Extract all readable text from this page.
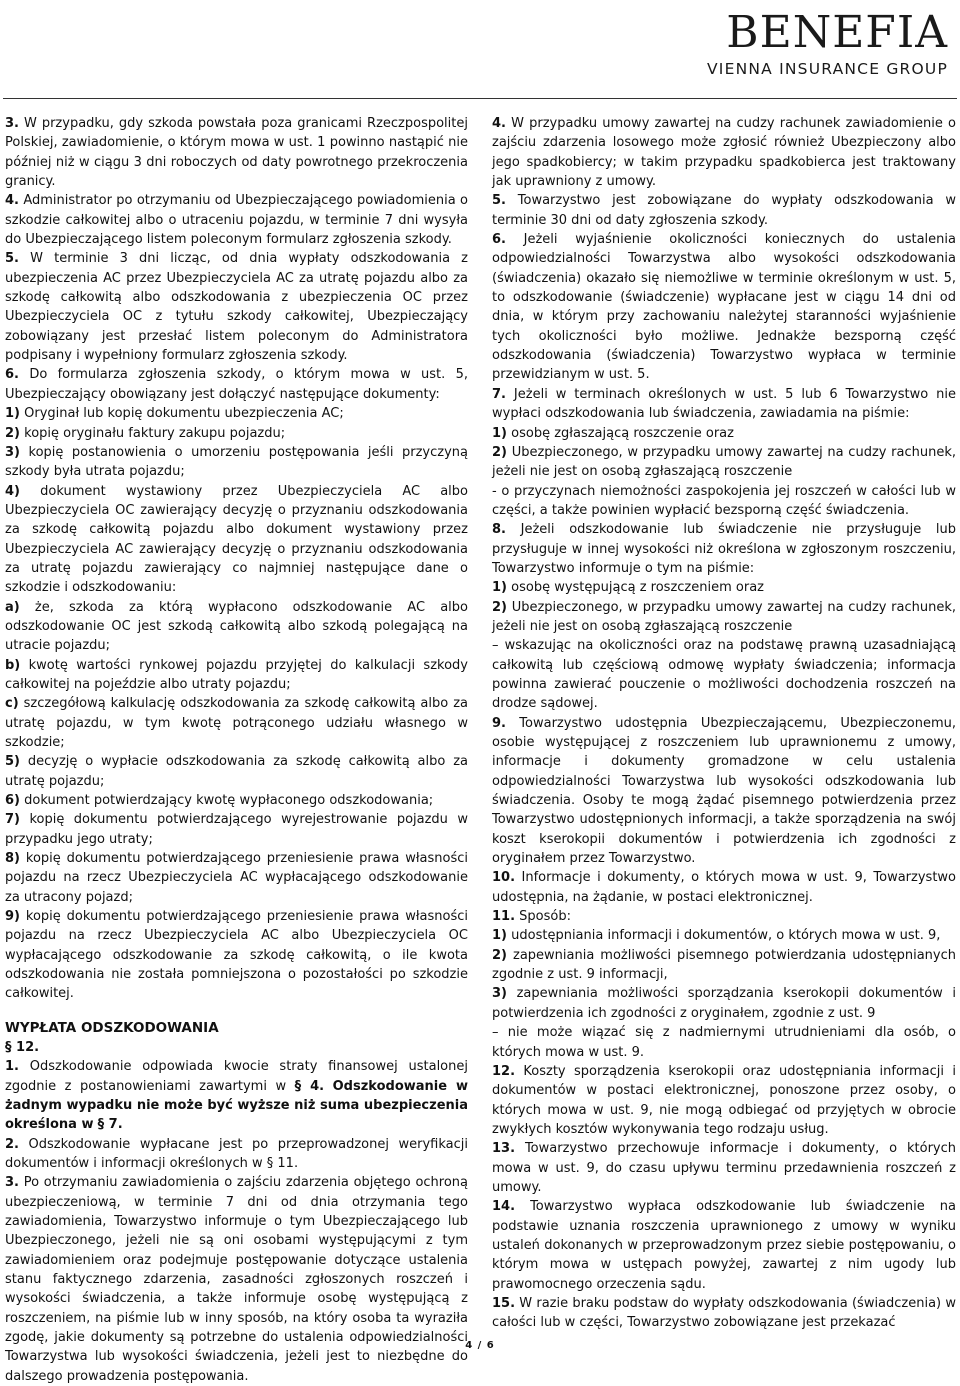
BENEFIA
VIENNA INSURANCE GROUP

3. W przypadku, gdy szkoda powstała poza granicami Rzeczpospolitej Polskiej, zawiadomienie, o którym mowa w ust. 1 powinno nastąpić nie później niż w ciągu 3 dni roboczych od daty powrotnego przekroczenia granicy.

4. Administrator po otrzymaniu od Ubezpieczającego powiadomienia o szkodzie całkowitej albo o utraceniu pojazdu, w terminie 7 dni wysyła do Ubezpieczającego listem poleconym formularz zgłoszenia szkody.

5. W terminie 3 dni licząc, od dnia wypłaty odszkodowania z ubezpieczenia AC przez Ubezpieczyciela AC za utratę pojazdu albo za szkodę całkowitą albo odszkodowania z ubezpieczenia OC przez Ubezpieczyciela OC z tytułu szkody całkowitej, Ubezpieczający zobowiązany jest przesłać listem poleconym do Administratora podpisany i wypełniony formularz zgłoszenia szkody.

6. Do formularza zgłoszenia szkody, o którym mowa w ust. 5, Ubezpieczający obowiązany jest dołączyć następujące dokumenty:

1) Oryginał lub kopię dokumentu ubezpieczenia AC;

2) kopię oryginału faktury zakupu pojazdu;

3) kopię postanowienia o umorzeniu postępowania jeśli przyczyną szkody była utrata pojazdu;

4) dokument wystawiony przez Ubezpieczyciela AC albo Ubezpieczyciela OC zawierający decyzję o przyznaniu odszkodowania za szkodę całkowitą pojazdu albo dokument wystawiony przez Ubezpieczyciela AC zawierający decyzję o przyznaniu odszkodowania za utratę pojazdu zawierający co najmniej następujące dane o szkodzie i odszkodowaniu:

a) że, szkoda za którą wypłacono odszkodowanie AC albo odszkodowanie OC jest szkodą całkowitą albo szkodą polegającą na utracie pojazdu;

b) kwotę wartości rynkowej pojazdu przyjętej do kalkulacji szkody całkowitej na pojeździe albo utraty pojazdu;

c) szczegółową kalkulację odszkodowania za szkodę całkowitą albo za utratę pojazdu, w tym kwotę potrąconego udziału własnego w szkodzie;

5) decyzję o wypłacie odszkodowania za szkodę całkowitą albo za utratę pojazdu;

6) dokument potwierdzający kwotę wypłaconego odszkodowania;

7) kopię dokumentu potwierdzającego wyrejestrowanie pojazdu w przypadku jego utraty;

8) kopię dokumentu potwierdzającego przeniesienie prawa własności pojazdu na rzecz Ubezpieczyciela AC wypłacającego odszkodowanie za utracony pojazd;

9) kopię dokumentu potwierdzającego przeniesienie prawa własności pojazdu na rzecz Ubezpieczyciela AC albo Ubezpieczyciela OC wypłacającego odszkodowanie za szkodę całkowitą, o ile kwota odszkodowania nie została pomniejszona o pozostałości po szkodzie całkowitej.

WYPŁATA ODSZKODOWANIA

§ 12.

1. Odszkodowanie odpowiada kwocie straty finansowej ustalonej zgodnie z postanowieniami zawartymi w § 4. Odszkodowanie w żadnym wypadku nie może być wyższe niż suma ubezpieczenia określona w § 7.

2. Odszkodowanie wypłacane jest po przeprowadzonej weryfikacji dokumentów i informacji określonych w § 11.

3. Po otrzymaniu zawiadomienia o zajściu zdarzenia objętego ochroną ubezpieczeniową, w terminie 7 dni od dnia otrzymania tego zawiadomienia, Towarzystwo informuje o tym Ubezpieczającego lub Ubezpieczonego, jeżeli nie są oni osobami występującymi z tym zawiadomieniem oraz podejmuje postępowanie dotyczące ustalenia stanu faktycznego zdarzenia, zasadności zgłoszonych roszczeń i wysokości świadczenia, a także informuje osobę występującą z roszczeniem, na piśmie lub w inny sposób, na który osoba ta wyraziła zgodę, jakie dokumenty są potrzebne do ustalenia odpowiedzialności Towarzystwa lub wysokości świadczenia, jeżeli jest to niezbędne do dalszego prowadzenia postępowania.

4. W przypadku umowy zawartej na cudzy rachunek zawiadomienie o zajściu zdarzenia losowego może zgłosić również Ubezpieczony albo jego spadkobiercy; w takim przypadku spadkobierca jest traktowany jak uprawniony z umowy.

5. Towarzystwo jest zobowiązane do wypłaty odszkodowania w terminie 30 dni od daty zgłoszenia szkody.

6. Jeżeli wyjaśnienie okoliczności koniecznych do ustalenia odpowiedzialności Towarzystwa albo wysokości odszkodowania (świadczenia) okazało się niemożliwe w terminie określonym w ust. 5, to odszkodowanie (świadczenie) wypłacane jest w ciągu 14 dni od dnia, w którym przy zachowaniu należytej staranności wyjaśnienie tych okoliczności było możliwe. Jednakże bezsporną część odszkodowania (świadczenia) Towarzystwo wypłaca w terminie przewidzianym w ust. 5.

7. Jeżeli w terminach określonych w ust. 5 lub 6 Towarzystwo nie wypłaci odszkodowania lub świadczenia, zawiadamia na piśmie:

1) osobę zgłaszającą roszczenie oraz

2) Ubezpieczonego, w przypadku umowy zawartej na cudzy rachunek, jeżeli nie jest on osobą zgłaszającą roszczenie

- o przyczynach niemożności zaspokojenia jej roszczeń w całości lub w części, a także powinien wypłacić bezsporną część świadczenia.

8. Jeżeli odszkodowanie lub świadczenie nie przysługuje lub przysługuje w innej wysokości niż określona w zgłoszonym roszczeniu, Towarzystwo informuje o tym na piśmie:

1) osobę występującą z roszczeniem oraz

2) Ubezpieczonego, w przypadku umowy zawartej na cudzy rachunek, jeżeli nie jest on osobą zgłaszającą roszczenie

– wskazując na okoliczności oraz na podstawę prawną uzasadniającą całkowitą lub częściową odmowę wypłaty świadczenia; informacja powinna zawierać pouczenie o możliwości dochodzenia roszczeń na drodze sądowej.

9. Towarzystwo udostępnia Ubezpieczającemu, Ubezpieczonemu, osobie występującej z roszczeniem lub uprawnionemu z umowy, informacje i dokumenty gromadzone w celu ustalenia odpowiedzialności Towarzystwa lub wysokości odszkodowania lub świadczenia. Osoby te mogą żądać pisemnego potwierdzenia przez Towarzystwo udostępnionych informacji, a także sporządzenia na swój koszt kserokopii dokumentów i potwierdzenia ich zgodności z oryginałem przez Towarzystwo.

10. Informacje i dokumenty, o których mowa w ust. 9, Towarzystwo udostępnia, na żądanie, w postaci elektronicznej.

11. Sposób:

1) udostępniania informacji i dokumentów, o których mowa w ust. 9,

2) zapewniania możliwości pisemnego potwierdzania udostępnianych zgodnie z ust. 9 informacji,

3) zapewniania możliwości sporządzania kserokopii dokumentów i potwierdzenia ich zgodności z oryginałem, zgodnie z ust. 9

– nie może wiązać się z nadmiernymi utrudnieniami dla osób, o których mowa w ust. 9.

12. Koszty sporządzenia kserokopii oraz udostępniania informacji i dokumentów w postaci elektronicznej, ponoszone przez osoby, o których mowa w ust. 9, nie mogą odbiegać od przyjętych w obrocie zwykłych kosztów wykonywania tego rodzaju usług.

13. Towarzystwo przechowuje informacje i dokumenty, o których mowa w ust. 9, do czasu upływu terminu przedawnienia roszczeń z umowy.

14. Towarzystwo wypłaca odszkodowanie lub świadczenie na podstawie uznania roszczenia uprawnionego z umowy w wyniku ustaleń dokonanych w przeprowadzonym przez siebie postępowaniu, o którym mowa w ustępach powyżej, zawartej z nim ugody lub prawomocnego orzeczenia sądu.

15. W razie braku podstaw do wypłaty odszkodowania (świadczenia) w całości lub w części, Towarzystwo zobowiązane jest przekazać

4 / 6
